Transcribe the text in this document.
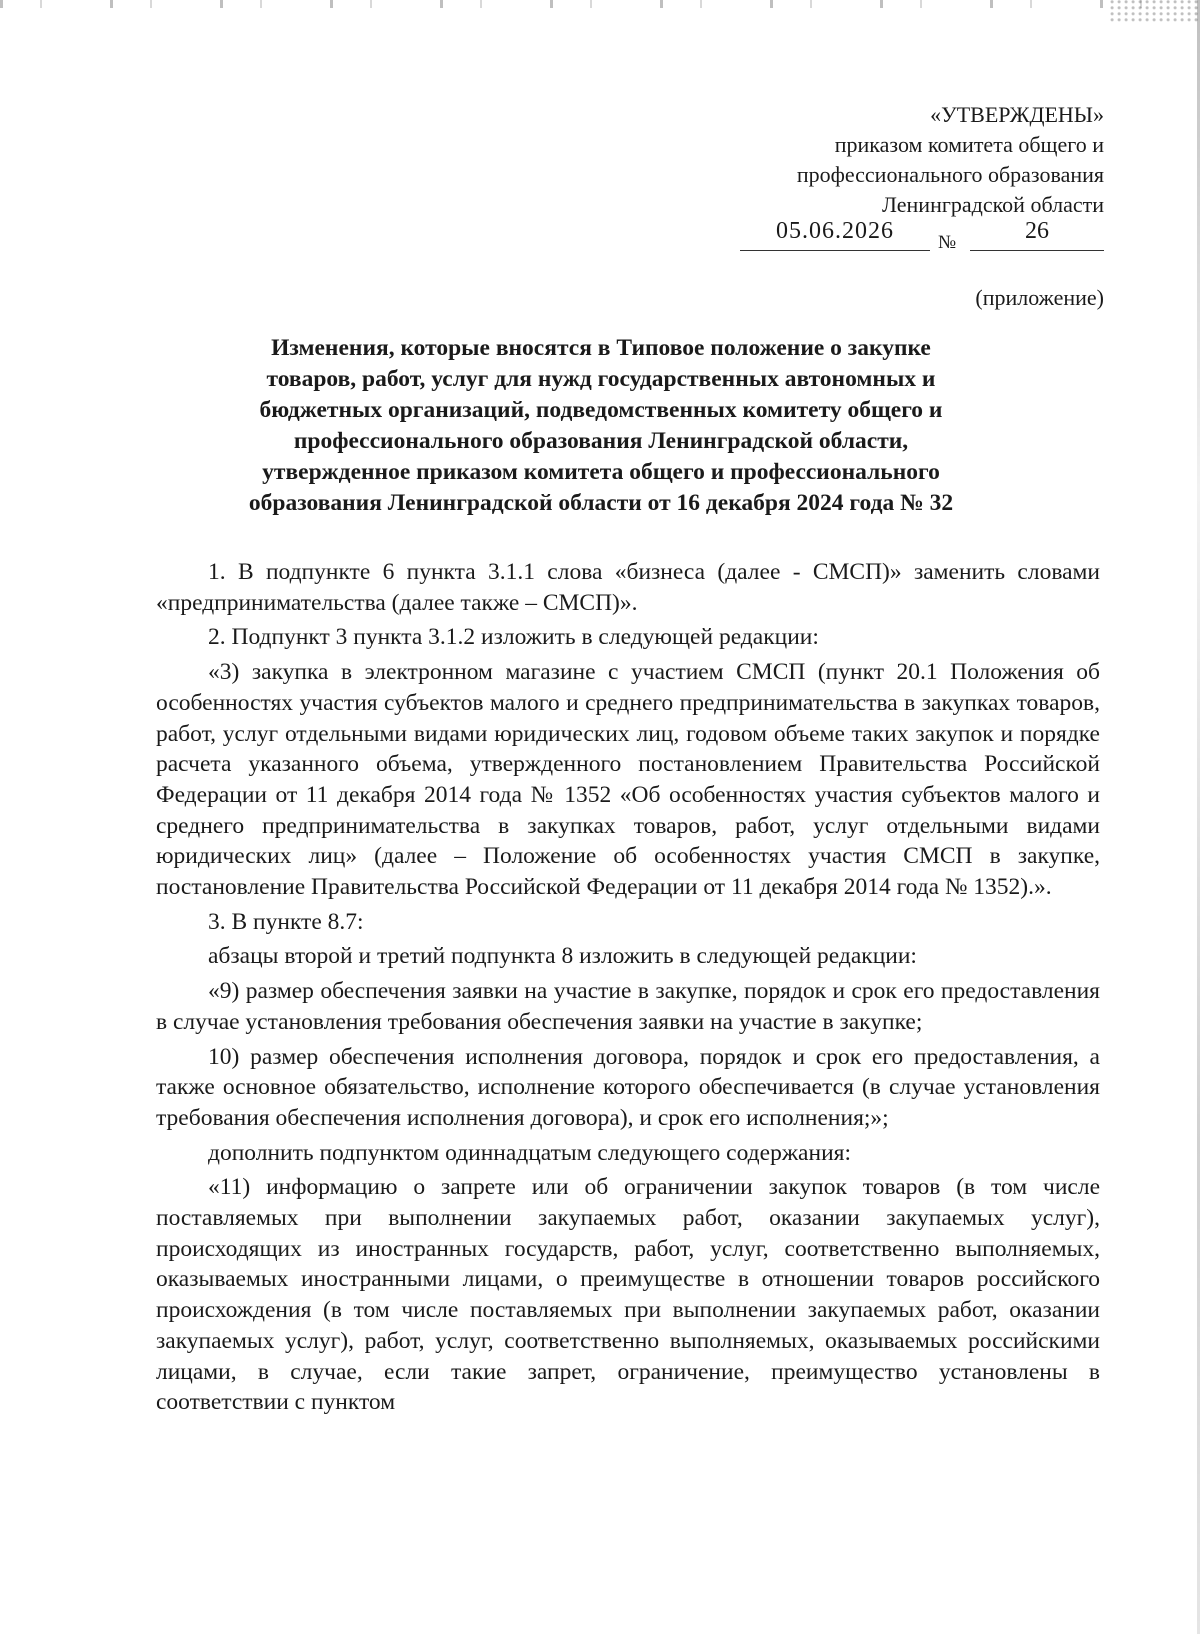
«УТВЕРЖДЕНЫ»
приказом комитета общего и
профессионального образования
Ленинградской области
05.06.2026	№	26
(приложение)
Изменения, которые вносятся в Типовое положение о закупке
товаров, работ, услуг для нужд государственных автономных и
бюджетных организаций, подведомственных комитету общего и
профессионального образования Ленинградской области,
утвержденное приказом комитета общего и профессионального
образования Ленинградской области от 16 декабря 2024 года № 32

1. В подпункте 6 пункта 3.1.1 слова «бизнеса (далее - СМСП)» заменить словами «предпринимательства (далее также – СМСП)».

2. Подпункт 3 пункта 3.1.2 изложить в следующей редакции:

«3) закупка в электронном магазине с участием СМСП (пункт 20.1 Положения об особенностях участия субъектов малого и среднего предпринимательства в закупках товаров, работ, услуг отдельными видами юридических лиц, годовом объеме таких закупок и порядке расчета указанного объема, утвержденного постановлением Правительства Российской Федерации от 11 декабря 2014 года № 1352 «Об особенностях участия субъектов малого и среднего предпринимательства в закупках товаров, работ, услуг отдельными видами юридических лиц» (далее – Положение об особенностях участия СМСП в закупке, постановление Правительства Российской Федерации от 11 декабря 2014 года № 1352).».

3. В пункте 8.7:

абзацы второй и третий подпункта 8 изложить в следующей редакции:

«9) размер обеспечения заявки на участие в закупке, порядок и срок его предоставления в случае установления требования обеспечения заявки на участие в закупке;

10) размер обеспечения исполнения договора, порядок и срок его предоставления, а также основное обязательство, исполнение которого обеспечивается (в случае установления требования обеспечения исполнения договора), и срок его исполнения;»;

дополнить подпунктом одиннадцатым следующего содержания:

«11) информацию о запрете или об ограничении закупок товаров (в том числе поставляемых при выполнении закупаемых работ, оказании закупаемых услуг), происходящих из иностранных государств, работ, услуг, соответственно выполняемых, оказываемых иностранными лицами, о преимуществе в отношении товаров российского происхождения (в том числе поставляемых при выполнении закупаемых работ, оказании закупаемых услуг), работ, услуг, соответственно выполняемых, оказываемых российскими лицами, в случае, если такие запрет, ограничение, преимущество установлены в соответствии с пунктом
